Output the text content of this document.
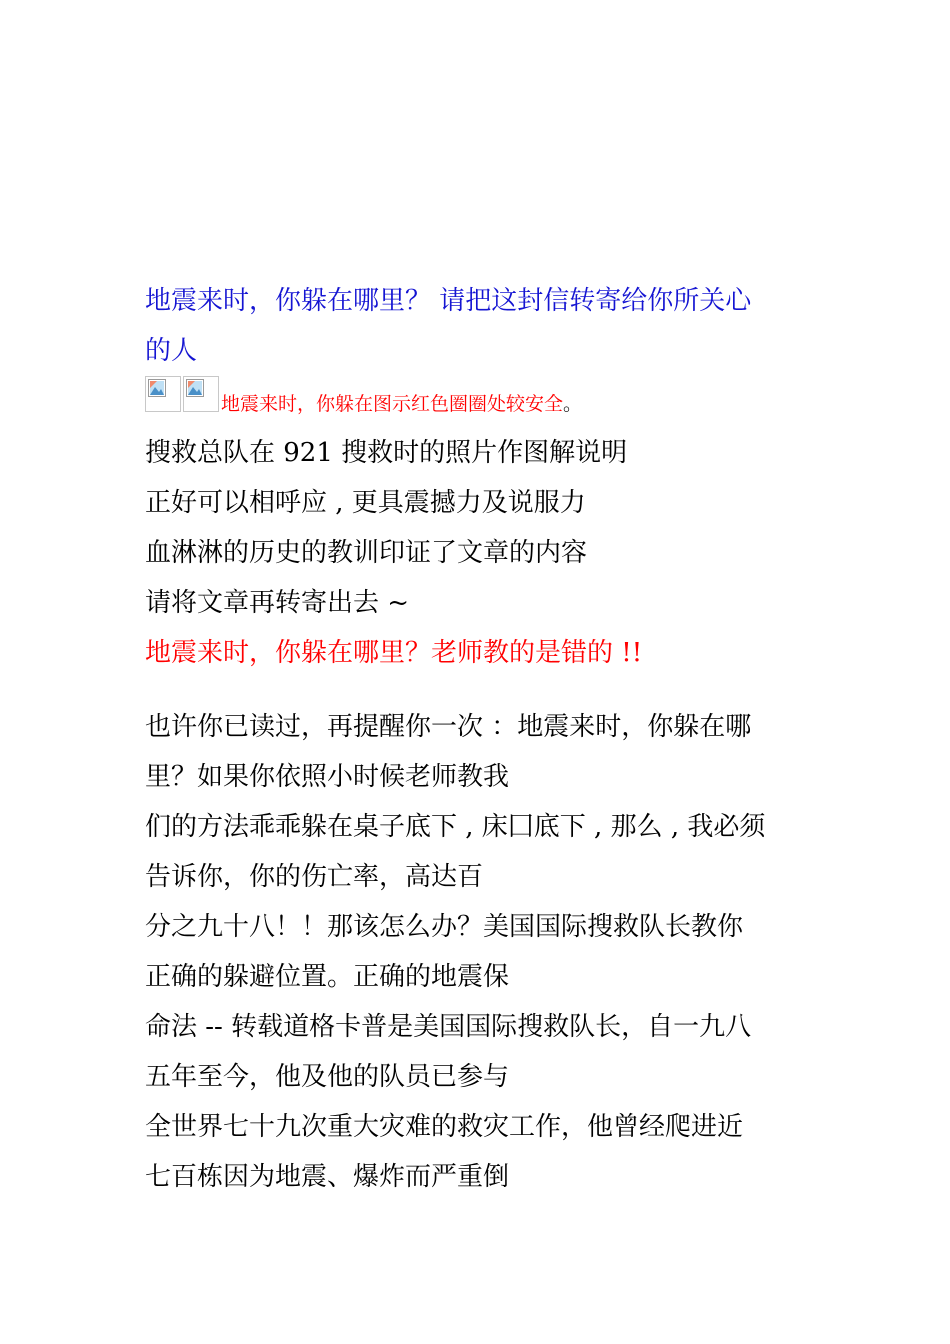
地震来时，你躲在哪里？ 请把这封信转寄给你所关心
的人
地震来时，你躲在图示红色圈圈处较安全。
搜救总队在 921 搜救时的照片作图解说明
正好可以相呼应 , 更具震撼力及说服力
血淋淋的历史的教训印证了文章的内容
请将文章再转寄出去 ~
地震来时，你躲在哪里？老师教的是错的 !!
也许你已读过，再提醒你一次 ：地震来时，你躲在哪
里？如果你依照小时候老师教我
们的方法乖乖躲在桌子底下 , 床囗底下 , 那么 , 我必须
告诉你，你的伤亡率，高达百
分之九十八！！那该怎么办？美国国际搜救队长教你
正确的躲避位置。正确的地震保
命法 -- 转载道格卡普是美国国际搜救队长，自一九八
五年至今，他及他的队员已参与
全世界七十九次重大灾难的救灾工作，他曾经爬进近
七百栋因为地震、爆炸而严重倒
